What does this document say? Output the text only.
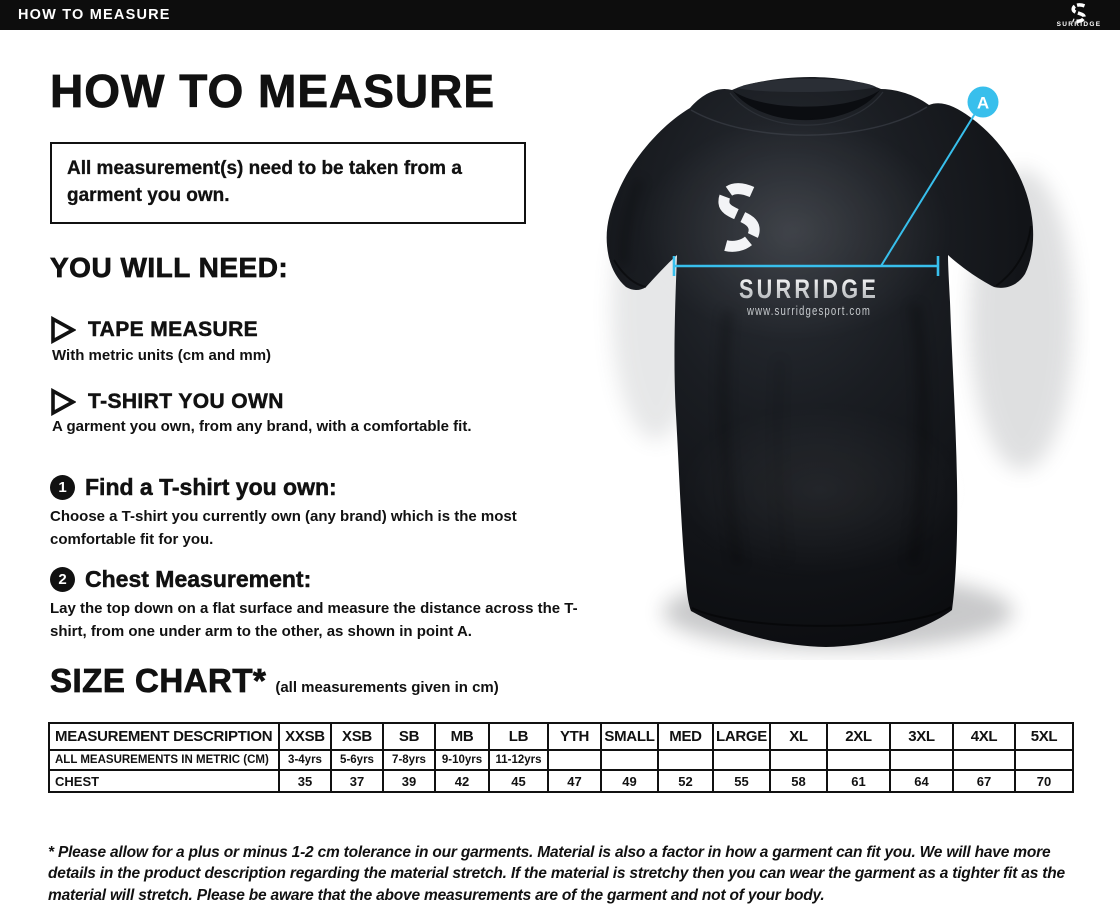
HOW TO MEASURE
SURRIDGE
HOW TO MEASURE
All measurement(s) need to be taken from a garment you own.
YOU WILL NEED:
TAPE MEASURE
With metric units (cm and mm)
T-SHIRT YOU OWN
A garment you own, from any brand, with a comfortable fit.
1 Find a T-shirt you own:

Choose a T-shirt you currently own (any brand) which is the most comfortable fit for you.

2 Chest Measurement:

Lay the top down on a flat surface and measure the distance across the T-shirt, from one under arm to the other, as shown in point A.

SIZE CHART* (all measurements given in cm)
MEASUREMENT DESCRIPTION	XXSB	XSB	SB	MB	LB	YTH	SMALL	MED	LARGE	XL	2XL	3XL	4XL	5XL
ALL MEASUREMENTS IN METRIC (CM)	3-4yrs	5-6yrs	7-8yrs	9-10yrs	11-12yrs									
CHEST	35	37	39	42	45	47	49	52	55	58	61	64	67	70

* Please allow for a plus or minus 1-2 cm tolerance in our garments. Material is also a factor in how a garment can fit you. We will have more details in the product description regarding the material stretch. If the material is stretchy then you can wear the garment as a tighter fit as the material will stretch. Please be aware that the above measurements are of the garment and not of your body.

SURRIDGE
www.surridgesport.com
A
